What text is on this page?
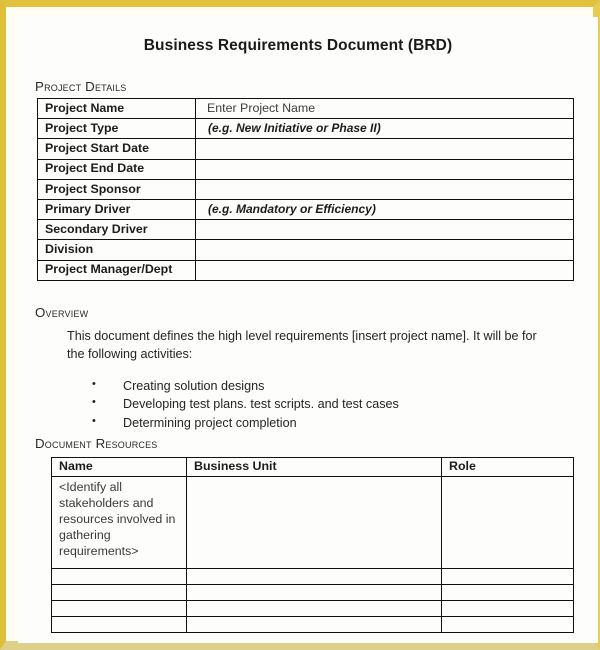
Business Requirements Document (BRD)
Project Details
Project Name	Enter Project Name
Project Type	(e.g. New Initiative or Phase II)
Project Start Date	
Project End Date	
Project Sponsor	
Primary Driver	(e.g. Mandatory or Efficiency)
Secondary Driver	
Division	
Project Manager/Dept	
Overview
This document defines the high level requirements [insert project name]. It will be for the following activities:
• Creating solution designs
• Developing test plans. test scripts. and test cases
• Determining project completion
Document Resources
Name	Business Unit	Role
<Identify all stakeholders and resources involved in gathering requirements>		
